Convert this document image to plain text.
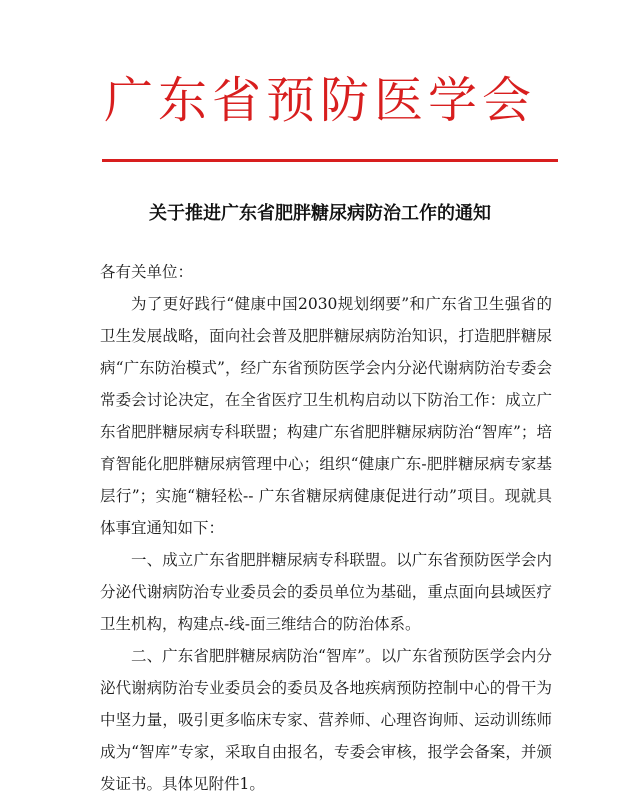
广东省预防医学会
关于推进广东省肥胖糖尿病防治工作的通知

各有关单位：

为了更好践行“健康中国2030规划纲要”和广东省卫生强省的卫生发展战略，面向社会普及肥胖糖尿病防治知识，打造肥胖糖尿病“广东防治模式”，经广东省预防医学会内分泌代谢病防治专委会常委会讨论决定，在全省医疗卫生机构启动以下防治工作：成立广东省肥胖糖尿病专科联盟；构建广东省肥胖糖尿病防治“智库”；培育智能化肥胖糖尿病管理中心；组织“健康广东-肥胖糖尿病专家基层行”；实施“糖轻松-- 广东省糖尿病健康促进行动”项目。现就具体事宜通知如下：

一、成立广东省肥胖糖尿病专科联盟。以广东省预防医学会内分泌代谢病防治专业委员会的委员单位为基础，重点面向县域医疗卫生机构，构建点-线-面三维结合的防治体系。

二、广东省肥胖糖尿病防治“智库”。以广东省预防医学会内分泌代谢病防治专业委员会的委员及各地疾病预防控制中心的骨干为中坚力量，吸引更多临床专家、营养师、心理咨询师、运动训练师成为“智库”专家，采取自由报名，专委会审核，报学会备案，并颁发证书。具体见附件1。
